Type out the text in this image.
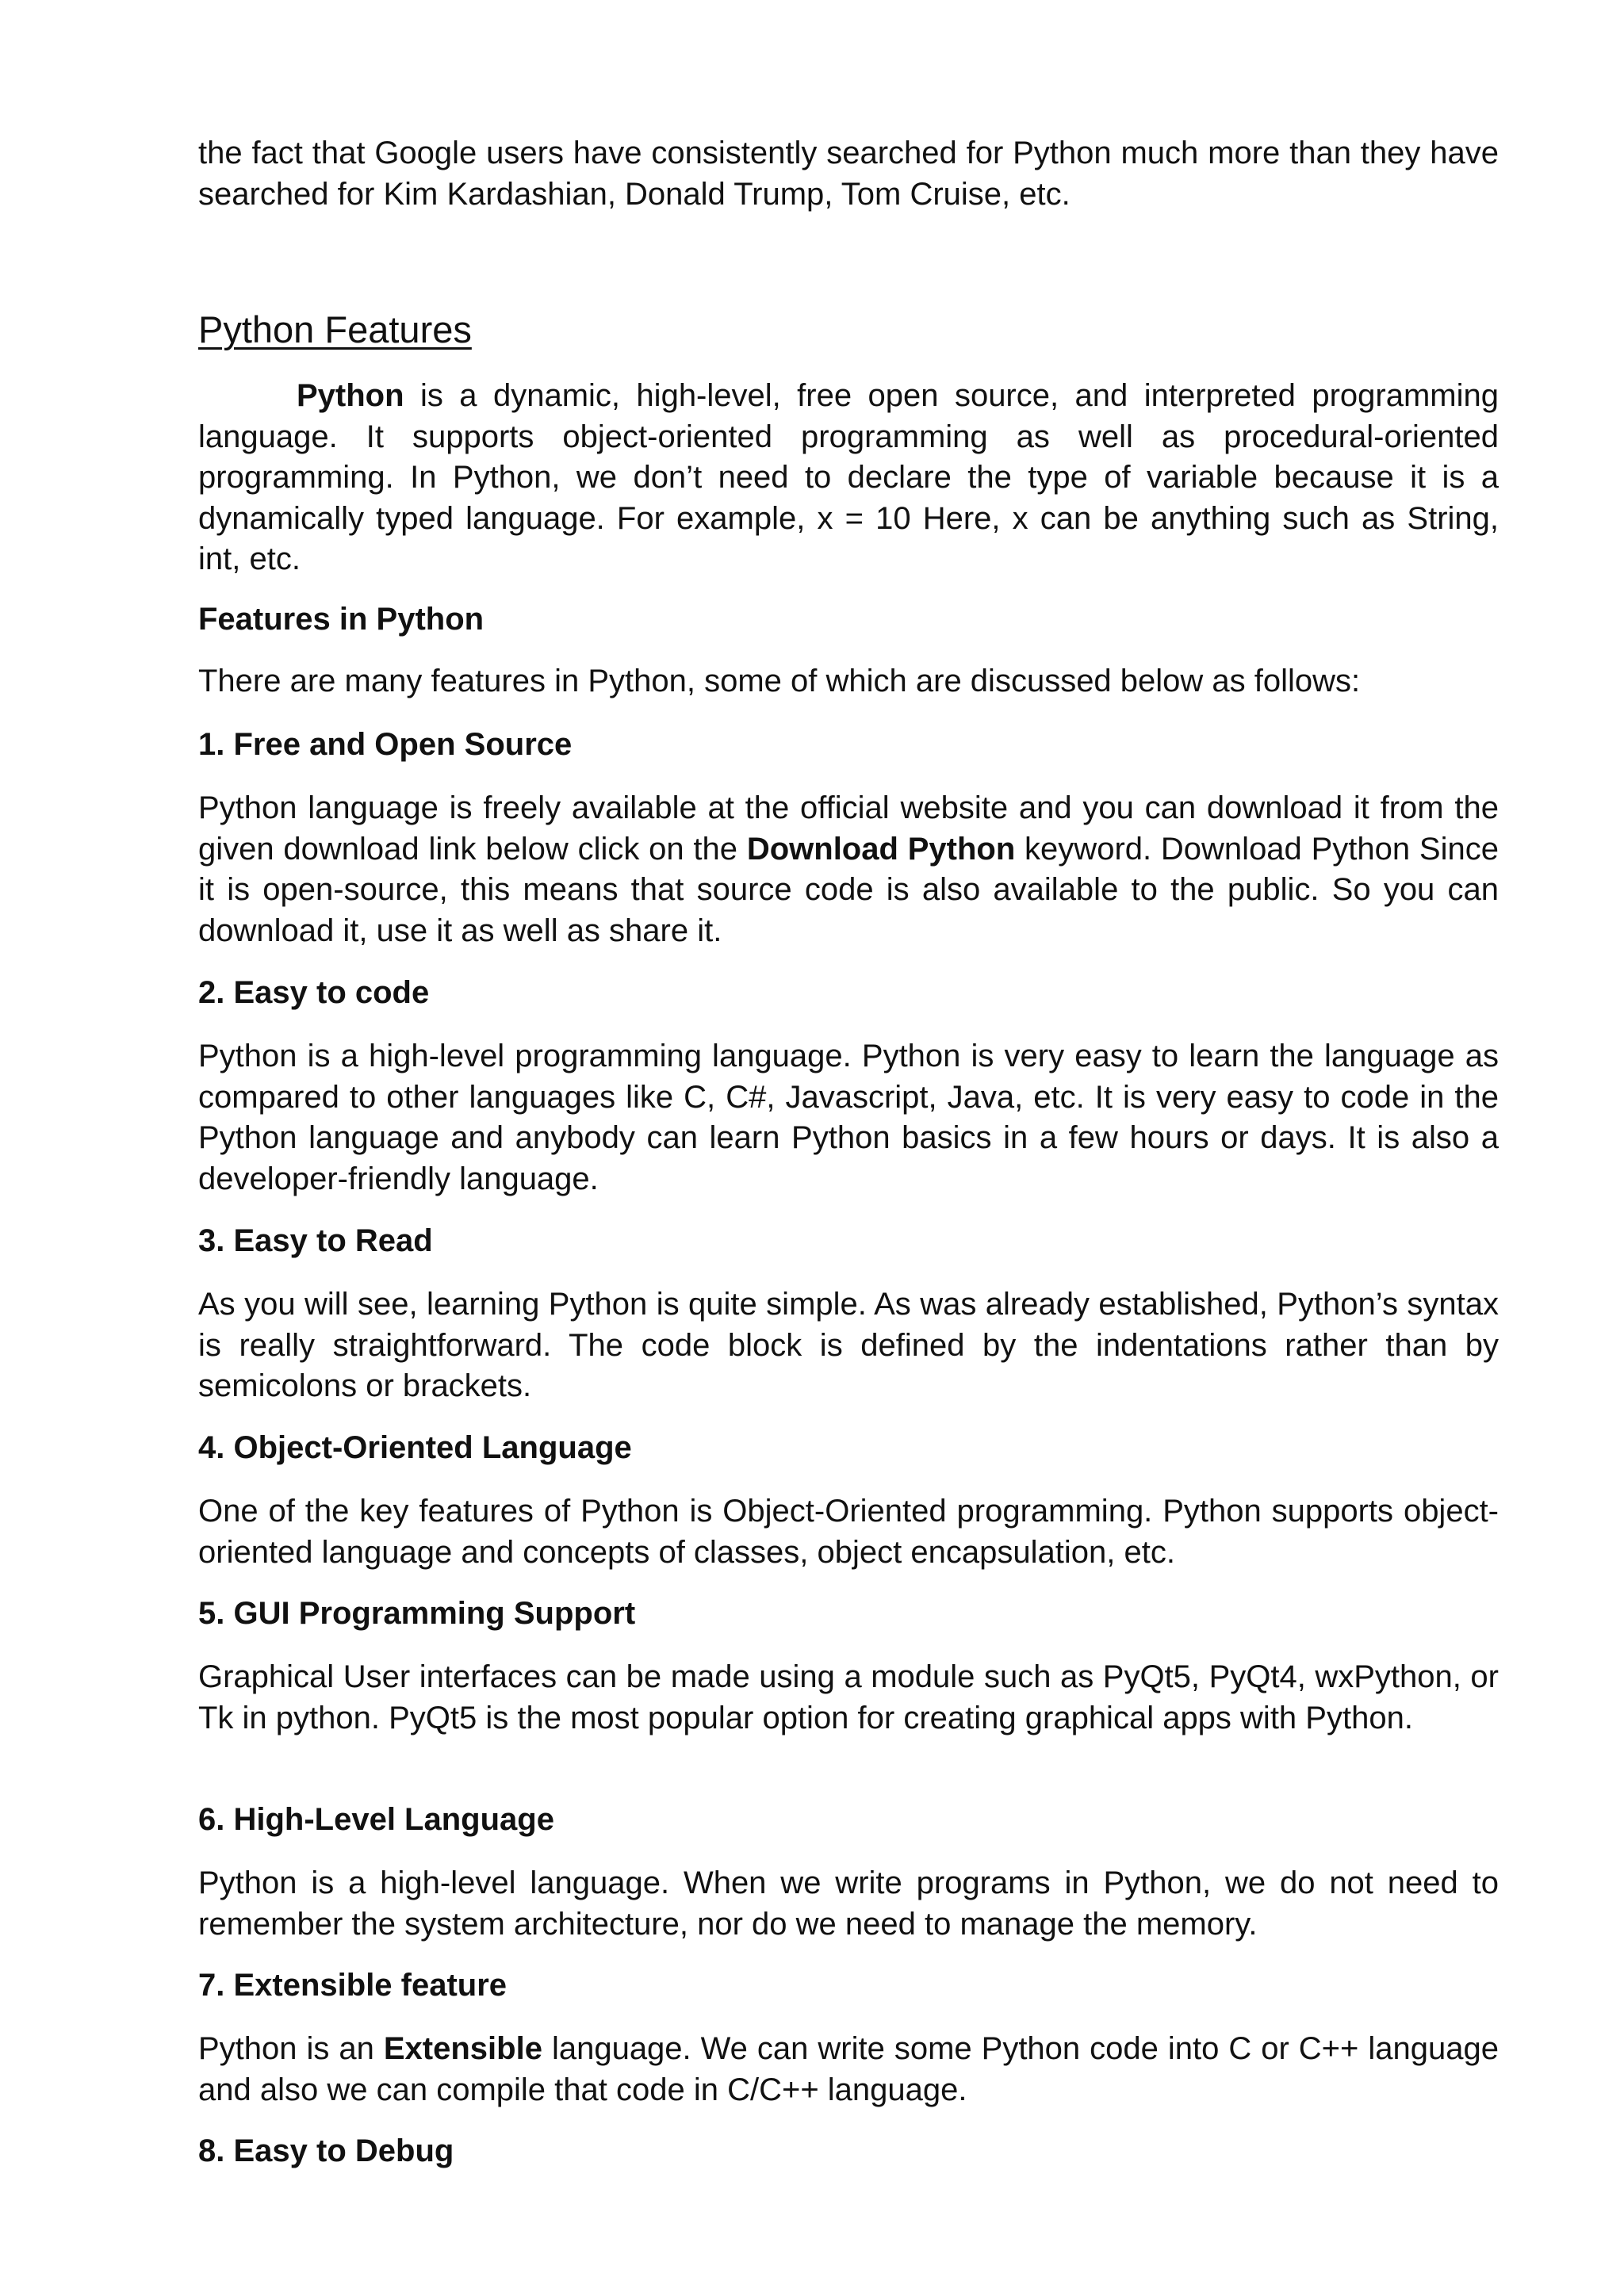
the fact that Google users have consistently searched for Python much more than they have searched for Kim Kardashian, Donald Trump, Tom Cruise, etc.

Python Features

Python is a dynamic, high-level, free open source, and interpreted programming language. It supports object-oriented programming as well as procedural-oriented programming. In Python, we don’t need to declare the type of variable because it is a dynamically typed language. For example, x = 10 Here, x can be anything such as String, int, etc.

Features in Python

There are many features in Python, some of which are discussed below as follows:

1. Free and Open Source

Python language is freely available at the official website and you can download it from the given download link below click on the Download Python keyword. Download Python Since it is open-source, this means that source code is also available to the public. So you can download it, use it as well as share it.

2. Easy to code

Python is a high-level programming language. Python is very easy to learn the language as compared to other languages like C, C#, Javascript, Java, etc. It is very easy to code in the Python language and anybody can learn Python basics in a few hours or days. It is also a developer-friendly language.

3. Easy to Read

As you will see, learning Python is quite simple. As was already established, Python’s syntax is really straightforward. The code block is defined by the indentations rather than by semicolons or brackets.

4. Object-Oriented Language

One of the key features of Python is Object-Oriented programming. Python supports object-oriented language and concepts of classes, object encapsulation, etc.

5. GUI Programming Support

Graphical User interfaces can be made using a module such as PyQt5, PyQt4, wxPython, or Tk in python. PyQt5 is the most popular option for creating graphical apps with Python.

6. High-Level Language

Python is a high-level language. When we write programs in Python, we do not need to remember the system architecture, nor do we need to manage the memory.

7. Extensible feature

Python is an Extensible language. We can write some Python code into C or C++ language and also we can compile that code in C/C++ language.

8. Easy to Debug
